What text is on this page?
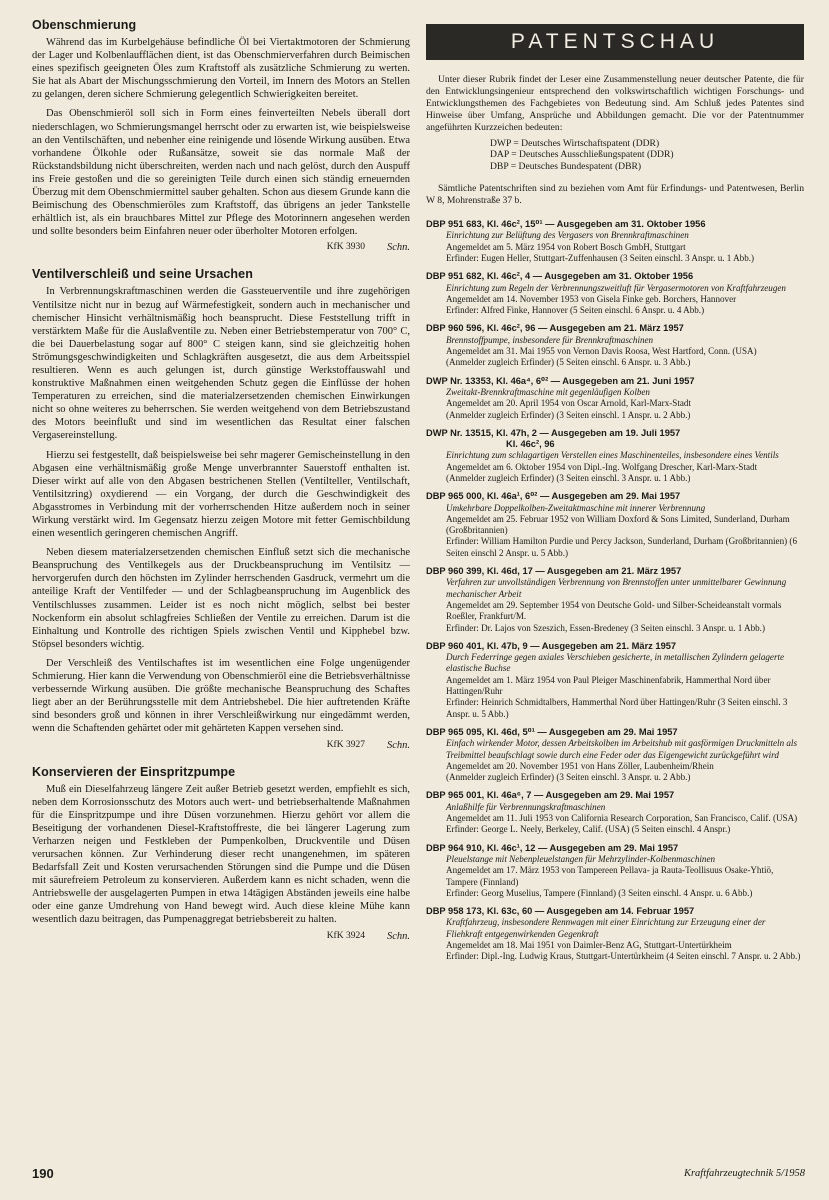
Obenschmierung

Während das im Kurbelgehäuse befindliche Öl bei Viertaktmotoren der Schmierung der Lager und Kolbenlaufflächen dient, ist das Obenschmierverfahren durch Beimischen eines spezifisch geeigneten Öles zum Kraftstoff als zusätzliche Schmierung zu werten. Sie hat als Abart der Mischungsschmierung den Vorteil, im Innern des Motors an Stellen zu gelangen, deren sichere Schmierung gelegentlich Schwierigkeiten bereitet.

Das Obenschmieröl soll sich in Form eines feinverteilten Nebels überall dort niederschlagen, wo Schmierungsmangel herrscht oder zu erwarten ist, wie beispielsweise an den Ventilschäften, und nebenher eine reinigende und lösende Wirkung ausüben. Etwa vorhandene Ölkohle oder Rußansätze, soweit sie das normale Maß der Rückstandsbildung nicht überschreiten, werden nach und nach gelöst, durch den Auspuff ins Freie gestoßen und die so gereinigten Teile durch einen sich ständig erneuernden Überzug mit dem Obenschmiermittel sauber gehalten. Schon aus diesem Grunde kann die Beimischung des Obenschmieröles zum Kraftstoff, das übrigens an jeder Tankstelle erhältlich ist, als ein brauchbares Mittel zur Pflege des Motorinnern angesehen werden und sollte besonders beim Einfahren neuer oder überholter Motoren erfolgen.

KfK 3930 Schn.
Ventilverschleiß und seine Ursachen

In Verbrennungskraftmaschinen werden die Gassteuerventile und ihre zugehörigen Ventilsitze nicht nur in bezug auf Wärmefestigkeit, sondern auch in mechanischer und chemischer Hinsicht verhältnismäßig hoch beansprucht. Diese Feststellung trifft in verstärktem Maße für die Auslaßventile zu. Neben einer Betriebstemperatur von 700° C, die bei Dauerbelastung sogar auf 800° C steigen kann, sind sie gleichzeitig hohen Strömungsgeschwindigkeiten und Schlagkräften ausgesetzt, die aus dem Arbeitsspiel resultieren. Wenn es auch gelungen ist, durch günstige Werkstoffauswahl und konstruktive Maßnahmen einen weitgehenden Schutz gegen die Einflüsse der hohen Temperaturen zu erreichen, sind die materialzersetzenden chemischen Einwirkungen nicht so ohne weiteres zu beherrschen. Sie werden weitgehend von dem Betriebszustand des Motors beeinflußt und sind im wesentlichen das Resultat einer falschen Vergasereinstellung.

Hierzu sei festgestellt, daß beispielsweise bei sehr magerer Gemischeinstellung in den Abgasen eine verhältnismäßig große Menge unverbrannter Sauerstoff enthalten ist. Dieser wirkt auf alle von den Abgasen bestrichenen Stellen (Ventilteller, Ventilschaft, Ventilsitzring) oxydierend — ein Vorgang, der durch die Geschwindigkeit des Abgasstromes in Verbindung mit der vorherrschenden Hitze außerdem noch in seiner Wirkung verstärkt wird. Im Gegensatz hierzu zeigen Motore mit fetter Gemischbildung einen wesentlich geringeren chemischen Angriff.

Neben diesem materialzersetzenden chemischen Einfluß setzt sich die mechanische Beanspruchung des Ventilkegels aus der Druckbeanspruchung im Ventilsitz — hervorgerufen durch den höchsten im Zylinder herrschenden Gasdruck, vermehrt um die anteilige Kraft der Ventilfeder — und der Schlagbeanspruchung im Augenblick des Ventilschlusses zusammen. Leider ist es noch nicht möglich, selbst bei bester Nockenform ein absolut schlagfreies Schließen der Ventile zu erreichen. Darum ist die Einhaltung und Kontrolle des richtigen Spiels zwischen Ventil und Kipphebel bzw. Stöpsel besonders wichtig.

Der Verschleiß des Ventilschaftes ist im wesentlichen eine Folge ungenügender Schmierung. Hier kann die Verwendung von Obenschmieröl eine die Betriebsverhältnisse verbessernde Wirkung ausüben. Die größte mechanische Beanspruchung des Schaftes liegt aber an der Berührungsstelle mit dem Antriebshebel. Die hier auftretenden Kräfte sind besonders groß und können in ihrer Verschleißwirkung nur eingedämmt werden, wenn die Schaftenden gehärtet oder mit gehärteten Kappen versehen sind.

KfK 3927 Schn.
Konservieren der Einspritzpumpe

Muß ein Dieselfahrzeug längere Zeit außer Betrieb gesetzt werden, empfiehlt es sich, neben dem Korrosionsschutz des Motors auch wert- und betriebserhaltende Maßnahmen für die Einspritzpumpe und ihre Düsen vorzunehmen. Hierzu gehört vor allem die Beseitigung der vorhandenen Diesel-Kraftstoffreste, die bei längerer Lagerung zum Verharzen neigen und Festkleben der Pumpenkolben, Druckventile und Düsen verursachen können. Zur Verhinderung dieser recht unangenehmen, im späteren Bedarfsfall Zeit und Kosten verursachenden Störungen sind die Pumpe und die Düsen mit säurefreiem Petroleum zu konservieren. Außerdem kann es nicht schaden, wenn die Antriebswelle der ausgelagerten Pumpen in etwa 14tägigen Abständen jeweils eine halbe oder eine ganze Umdrehung von Hand bewegt wird. Auch diese kleine Mühe kann wesentlich dazu beitragen, das Pumpenaggregat betriebsbereit zu halten.

KfK 3924 Schn.
PATENTSCHAU

Unter dieser Rubrik findet der Leser eine Zusammenstellung neuer deutscher Patente, die für den Entwicklungsingenieur entsprechend den volkswirtschaftlich wichtigen Forschungs- und Entwicklungsthemen des Fachgebietes von Bedeutung sind. Am Schluß jedes Patentes sind Hinweise über Umfang, Ansprüche und Abbildungen gemacht. Die vor der Patentnummer angeführten Kurzzeichen bedeuten:

DWP = Deutsches Wirtschaftspatent (DDR)
DAP = Deutsches Ausschließungspatent (DDR)
DBP = Deutsches Bundespatent (DBR)
Sämtliche Patentschriften sind zu beziehen vom Amt für Erfindungs- und Patentwesen, Berlin W 8, Mohrenstraße 37 b.
DBP 951 683, Kl. 46c², 15⁰¹ — Ausgegeben am 31. Oktober 1956
Einrichtung zur Belüftung des Vergasers von Brennkraftmaschinen
Angemeldet am 5. März 1954 von Robert Bosch GmbH, Stuttgart
Erfinder: Eugen Heller, Stuttgart-Zuffenhausen (3 Seiten einschl. 3 Anspr. u. 1 Abb.)
DBP 951 682, Kl. 46c², 4 — Ausgegeben am 31. Oktober 1956
Einrichtung zum Regeln der Verbrennungszweitluft für Vergasermotoren von Kraftfahrzeugen
Angemeldet am 14. November 1953 von Gisela Finke geb. Borchers, Hannover
Erfinder: Alfred Finke, Hannover (5 Seiten einschl. 6 Anspr. u. 4 Abb.)
DBP 960 596, Kl. 46c², 96 — Ausgegeben am 21. März 1957
Brennstoffpumpe, insbesondere für Brennkraftmaschinen
Angemeldet am 31. Mai 1955 von Vernon Davis Roosa, West Hartford, Conn. (USA)
(Anmelder zugleich Erfinder) (5 Seiten einschl. 6 Anspr. u. 3 Abb.)
DWP Nr. 13353, Kl. 46a⁴, 6⁰² — Ausgegeben am 21. Juni 1957
Zweitakt-Brennkraftmaschine mit gegenläufigen Kolben
Angemeldet am 20. April 1954 von Oscar Arnold, Karl-Marx-Stadt
(Anmelder zugleich Erfinder) (3 Seiten einschl. 1 Anspr. u. 2 Abb.)
DWP Nr. 13515, Kl. 47h, 2 — Ausgegeben am 19. Juli 1957
Kl. 46c², 96
Einrichtung zum schlagartigen Verstellen eines Maschinenteiles, insbesondere eines Ventils
Angemeldet am 6. Oktober 1954 von Dipl.-Ing. Wolfgang Drescher, Karl-Marx-Stadt
(Anmelder zugleich Erfinder) (3 Seiten einschl. 3 Anspr. u. 1 Abb.)
DBP 965 000, Kl. 46a¹, 6⁰² — Ausgegeben am 29. Mai 1957
Umkehrbare Doppelkolben-Zweitaktmaschine mit innerer Verbrennung
Angemeldet am 25. Februar 1952 von William Doxford & Sons Limited, Sunderland, Durham (Großbritannien)
Erfinder: William Hamilton Purdie und Percy Jackson, Sunderland, Durham (Großbritannien) (6 Seiten einschl 2 Anspr. u. 5 Abb.)
DBP 960 399, Kl. 46d, 17 — Ausgegeben am 21. März 1957
Verfahren zur unvollständigen Verbrennung von Brennstoffen unter unmittelbarer Gewinnung mechanischer Arbeit
Angemeldet am 29. September 1954 von Deutsche Gold- und Silber-Scheideanstalt vormals Roeßler, Frankfurt/M.
Erfinder: Dr. Lajos von Szeszich, Essen-Bredeney (3 Seiten einschl. 3 Anspr. u. 1 Abb.)
DBP 960 401, Kl. 47b, 9 — Ausgegeben am 21. März 1957
Durch Federringe gegen axiales Verschieben gesicherte, in metallischen Zylindern gelagerte elastische Buchse
Angemeldet am 1. März 1954 von Paul Pleiger Maschinenfabrik, Hammerthal Nord über Hattingen/Ruhr
Erfinder: Heinrich Schmidtalbers, Hammerthal Nord über Hattingen/Ruhr (3 Seiten einschl. 3 Anspr. u. 5 Abb.)
DBP 965 095, Kl. 46d, 5⁰¹ — Ausgegeben am 29. Mai 1957
Einfach wirkender Motor, dessen Arbeitskolben im Arbeitshub mit gasförmigen Druckmitteln als Treibmittel beaufschlagt sowie durch eine Feder oder das Eigengewicht zurückgeführt wird
Angemeldet am 20. November 1951 von Hans Zöller, Laubenheim/Rhein
(Anmelder zugleich Erfinder) (3 Seiten einschl. 3 Anspr. u. 2 Abb.)
DBP 965 001, Kl. 46a⁶, 7 — Ausgegeben am 29. Mai 1957
Anlaßhilfe für Verbrennungskraftmaschinen
Angemeldet am 11. Juli 1953 von California Research Corporation, San Francisco, Calif. (USA)
Erfinder: George L. Neely, Berkeley, Calif. (USA) (5 Seiten einschl. 4 Anspr.)
DBP 964 910, Kl. 46c¹, 12 — Ausgegeben am 29. Mai 1957
Pleuelstange mit Nebenpleuelstangen für Mehrzylinder-Kolbenmaschinen
Angemeldet am 17. März 1953 von Tampereen Pellava- ja Rauta-Teollisuus Osake-Yhtiö, Tampere (Finnland)
Erfinder: Georg Muselius, Tampere (Finnland) (3 Seiten einschl. 4 Anspr. u. 6 Abb.)
DBP 958 173, Kl. 63c, 60 — Ausgegeben am 14. Februar 1957
Kraftfahrzeug, insbesondere Rennwagen mit einer Einrichtung zur Erzeugung einer der Fliehkraft entgegenwirkenden Gegenkraft
Angemeldet am 18. Mai 1951 von Daimler-Benz AG, Stuttgart-Untertürkheim
Erfinder: Dipl.-Ing. Ludwig Kraus, Stuttgart-Untertürkheim (4 Seiten einschl. 7 Anspr. u. 2 Abb.)
190	Kraftfahrzeugtechnik 5/1958
